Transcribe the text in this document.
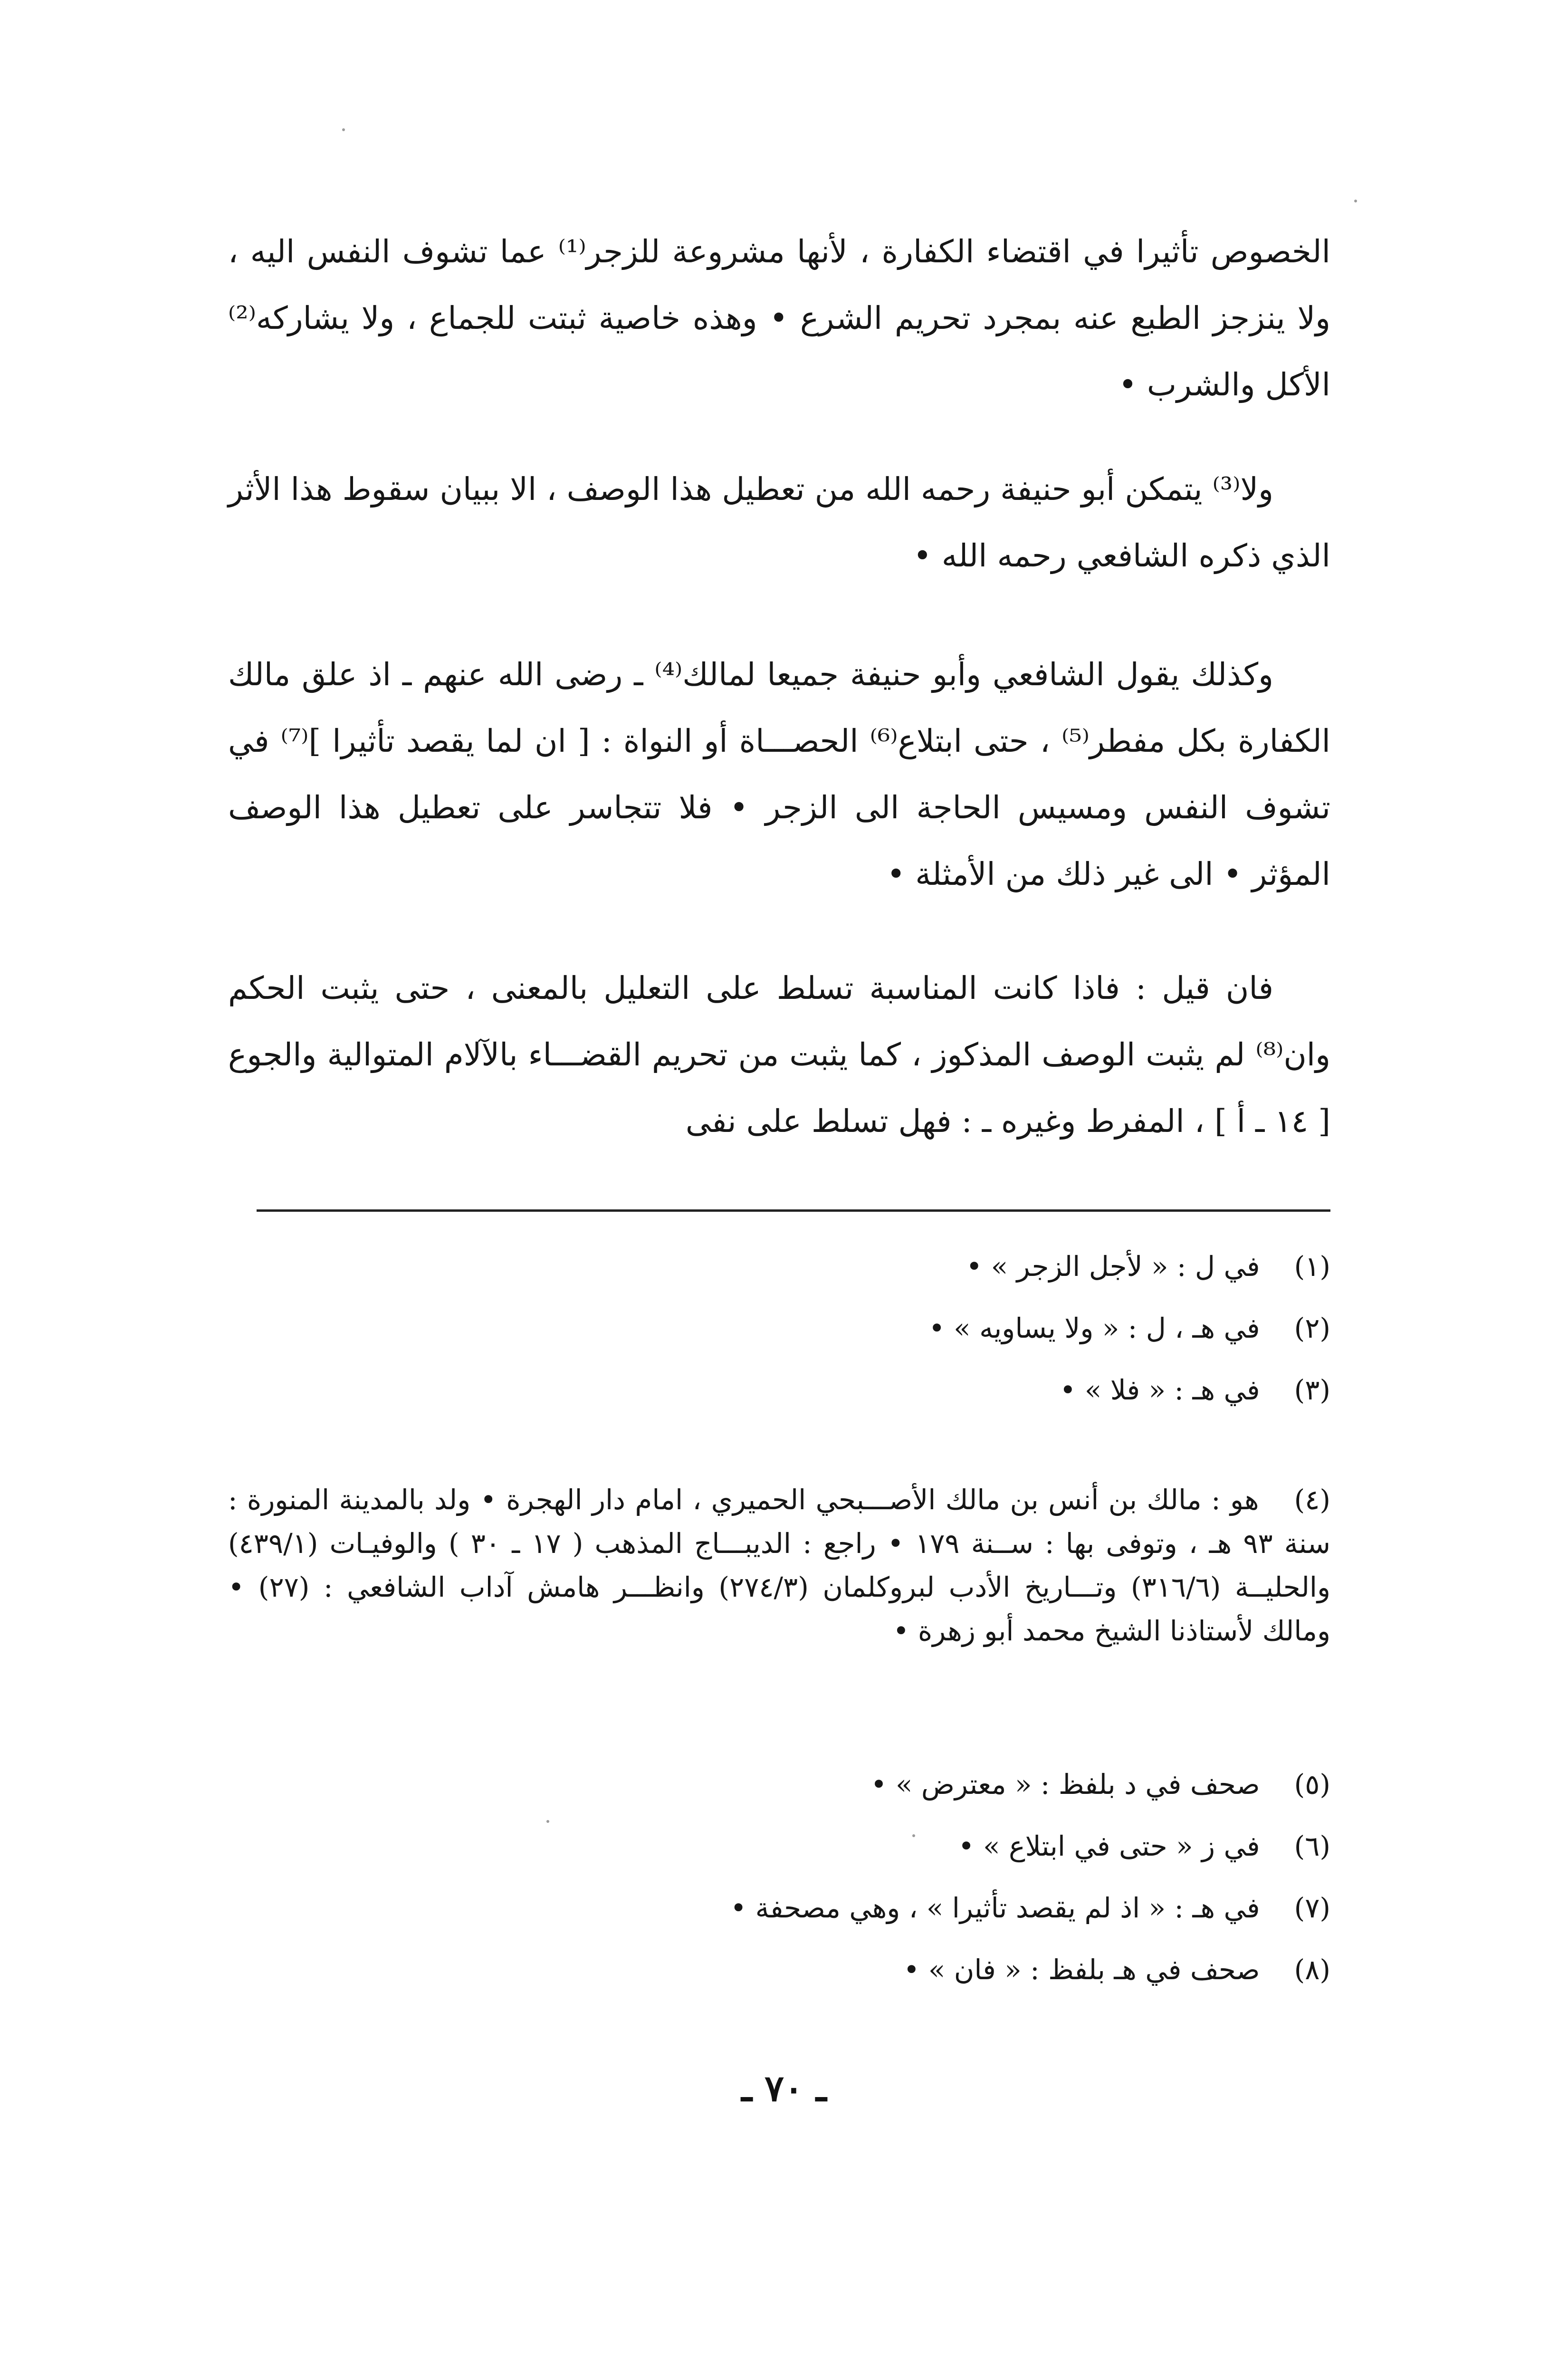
الخصوص تأثيرا في اقتضاء الكفارة ، لأنها مشروعة للزجر⁽¹⁾ عما تشوف النفس اليه ، ولا ينزجز الطبع عنه بمجرد تحريم الشرع • وهذه خاصية ثبتت للجماع ، ولا يشاركه⁽²⁾ الأكل والشرب •

ولا⁽³⁾ يتمكن أبو حنيفة رحمه الله من تعطيل هذا الوصف ، الا ببيان سقوط هذا الأثر الذي ذكره الشافعي رحمه الله •

وكذلك يقول الشافعي وأبو حنيفة جميعا لمالك⁽⁴⁾ ـ رضى الله عنهم ـ اذ علق مالك الكفارة بكل مفطر⁽⁵⁾ ، حتى ابتلاع⁽⁶⁾ الحصـــاة أو النواة : [ ان لما يقصد تأثيرا ]⁽⁷⁾ في تشوف النفس ومسيس الحاجة الى الزجر • فلا تتجاسر على تعطيل هذا الوصف المؤثر • الى غير ذلك من الأمثلة •

فان قيل : فاذا كانت المناسبة تسلط على التعليل بالمعنى ، حتى يثبت الحكم وان⁽⁸⁾ لم يثبت الوصف المذكوز ، كما يثبت من تحريم القضـــاء بالآلام المتوالية والجوع [ ١٤ ـ أ ] ، المفرط وغيره ـ : فهل تسلط على نفى

(١) في ل : « لأجل الزجر » •

(٢) في هـ ، ل : « ولا يساويه » •

(٣) في هـ : « فلا » •

(٤) هو : مالك بن أنس بن مالك الأصـــبحي الحميري ، امام دار الهجرة • ولد بالمدينة المنورة : سنة ٩٣ هـ ، وتوفى بها : ســنة ١٧٩ • راجع : الديبـــاج المذهب ( ١٧ ـ ٣٠ ) والوفيـات (٤٣٩/١) والحليــة (٣١٦/٦) وتـــاريخ الأدب لبروكلمان (٢٧٤/٣) وانظـــر هامش آداب الشافعي : (٢٧) • ومالك لأستاذنا الشيخ محمد أبو زهرة •

(٥) صحف في د بلفظ : « معترض » •

(٦) في ز « حتى في ابتلاع » •

(٧) في هـ : « اذ لم يقصد تأثيرا » ، وهي مصحفة •

(٨) صحف في هـ بلفظ : « فان » •

ـ ٧٠ ـ
